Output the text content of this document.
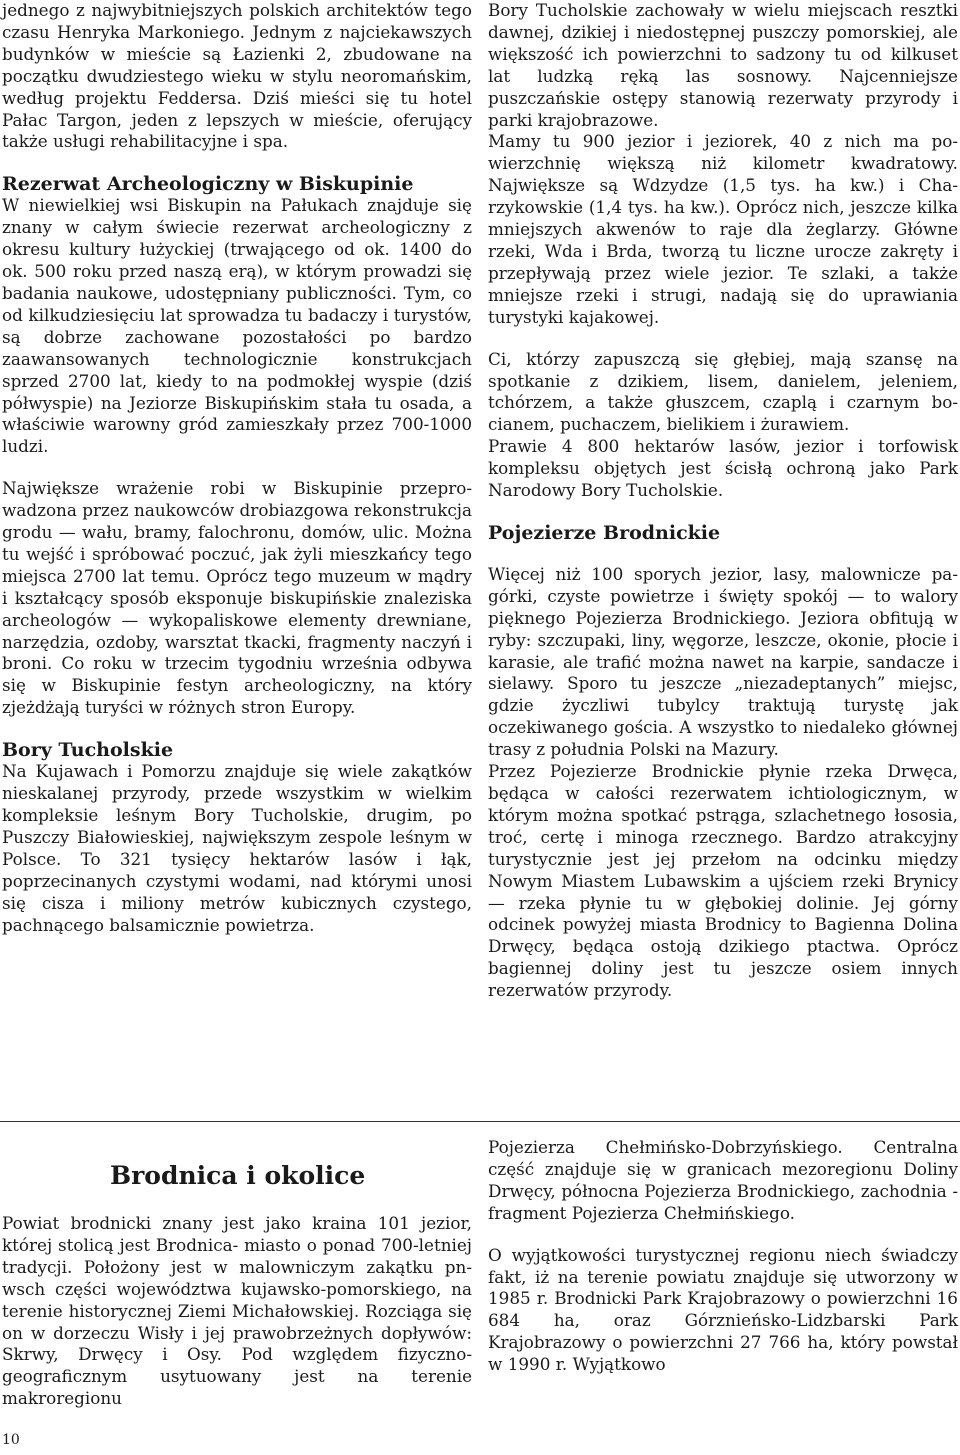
jednego z najwybitniejszych polskich architektów tego czasu Henryka Markoniego. Jednym z najciekawszych budynków w mieście są Łazienki 2, zbudowane na początku dwudziestego wieku w stylu neoromańskim, według projektu Feddersa. Dziś mieści się tu hotel Pałac Targon, jeden z lepszych w mieście, oferujący także usługi rehabilitacyjne i spa.

Rezerwat Archeologiczny w Biskupinie

W niewielkiej wsi Biskupin na Pałukach znajduje się znany w całym świecie rezerwat archeologiczny z okresu kultury łużyckiej (trwającego od ok. 1400 do ok. 500 roku przed naszą erą), w którym prowadzi się badania naukowe, udostępniany publiczności. Tym, co od kilkudziesięciu lat sprowadza tu badaczy i turystów, są dobrze zachowane pozostałości po bardzo zaawansowanych technologicznie konstrukcjach sprzed 2700 lat, kiedy to na podmokłej wyspie (dziś półwyspie) na Jeziorze Biskupińskim stała tu osada, a właściwie warowny gród zamieszkały przez 700-1000 ludzi.

Największe wrażenie robi w Biskupinie przeprowadzona przez naukowców drobiazgowa rekonstrukcja grodu — wału, bramy, falochronu, domów, ulic. Można tu wejść i spróbować poczuć, jak żyli mieszkańcy tego miejsca 2700 lat temu. Oprócz tego muzeum w mądry i kształcący sposób eksponuje biskupińskie znaleziska archeologów — wykopaliskowe elementy drewniane, narzędzia, ozdoby, warsztat tkacki, fragmenty naczyń i broni. Co roku w trzecim tygodniu września odbywa się w Biskupinie festyn archeologiczny, na który zjeżdżają turyści w różnych stron Europy.

Bory Tucholskie

Na Kujawach i Pomorzu znajduje się wiele zakątków nieskalanej przyrody, przede wszystkim w wielkim kompleksie leśnym Bory Tucholskie, drugim, po Puszczy Białowieskiej, największym zespole leśnym w Polsce. To 321 tysięcy hektarów lasów i łąk, poprzecinanych czystymi wodami, nad którymi unosi się cisza i miliony metrów kubicznych czystego, pachnącego balsamicznie powietrza.

Bory Tucholskie zachowały w wielu miejscach resztki dawnej, dzikiej i niedostępnej puszczy pomorskiej, ale większość ich powierzchni to sadzony tu od kilkuset lat ludzką ręką las sosnowy. Najcenniejsze puszczańskie ostępy stanowią rezerwaty przyrody i parki krajobrazowe.

Mamy tu 900 jezior i jeziorek, 40 z nich ma powierzchnię większą niż kilometr kwadratowy. Największe są Wdzydze (1,5 tys. ha kw.) i Charzykowskie (1,4 tys. ha kw.). Oprócz nich, jeszcze kilka mniejszych akwenów to raje dla żeglarzy. Główne rzeki, Wda i Brda, tworzą tu liczne urocze zakręty i przepływają przez wiele jezior. Te szlaki, a także mniejsze rzeki i strugi, nadają się do uprawiania turystyki kajakowej.

Ci, którzy zapuszczą się głębiej, mają szansę na spotkanie z dzikiem, lisem, danielem, jeleniem, tchórzem, a także głuszcem, czaplą i czarnym bocianem, puchaczem, bielikiem i żurawiem.

Prawie 4 800 hektarów lasów, jezior i torfowisk kompleksu objętych jest ścisłą ochroną jako Park Narodowy Bory Tucholskie.

Pojezierze Brodnickie

Więcej niż 100 sporych jezior, lasy, malownicze pagórki, czyste powietrze i święty spokój — to walory pięknego Pojezierza Brodnickiego. Jeziora obfitują w ryby: szczupaki, liny, węgorze, leszcze, okonie, płocie i karasie, ale trafić można nawet na karpie, sandacze i sielawy. Sporo tu jeszcze „niezadeptanych” miejsc, gdzie życzliwi tubylcy traktują turystę jak oczekiwanego gościa. A wszystko to niedaleko głównej trasy z południa Polski na Mazury.

Przez Pojezierze Brodnickie płynie rzeka Drwęca, będąca w całości rezerwatem ichtiologicznym, w którym można spotkać pstrąga, szlachetnego łososia, troć, certę i minoga rzecznego. Bardzo atrakcyjny turystycznie jest jej przełom na odcinku między Nowym Miastem Lubawskim a ujściem rzeki Brynicy — rzeka płynie tu w głębokiej dolinie. Jej górny odcinek powyżej miasta Brodnicy to Bagienna Dolina Drwęcy, będąca ostoją dzikiego ptactwa. Oprócz bagiennej doliny jest tu jeszcze osiem innych rezerwatów przyrody.

Brodnica i okolice

Powiat brodnicki znany jest jako kraina 101 jezior, której stolicą jest Brodnica- miasto o ponad 700-letniej tradycji. Położony jest w malowniczym zakątku pn-wsch części województwa kujawsko-pomorskiego, na terenie historycznej Ziemi Michałowskiej. Rozciąga się on w dorzeczu Wisły i jej prawobrzeżnych dopływów: Skrwy, Drwęcy i Osy. Pod względem fizyczno-geograficznym usytuowany jest na terenie makroregionu

Pojezierza Chełmińsko-Dobrzyńskiego. Centralna część znajduje się w granicach mezoregionu Doliny Drwęcy, północna Pojezierza Brodnickiego, zachodnia - fragment Pojezierza Chełmińskiego.

O wyjątkowości turystycznej regionu niech świadczy fakt, iż na terenie powiatu znajduje się utworzony w 1985 r. Brodnicki Park Krajobrazowy o powierzchni 16 684 ha, oraz Górznieńsko-Lidzbarski Park Krajobrazowy o powierzchni 27 766 ha, który powstał w 1990 r. Wyjątkowo

10
